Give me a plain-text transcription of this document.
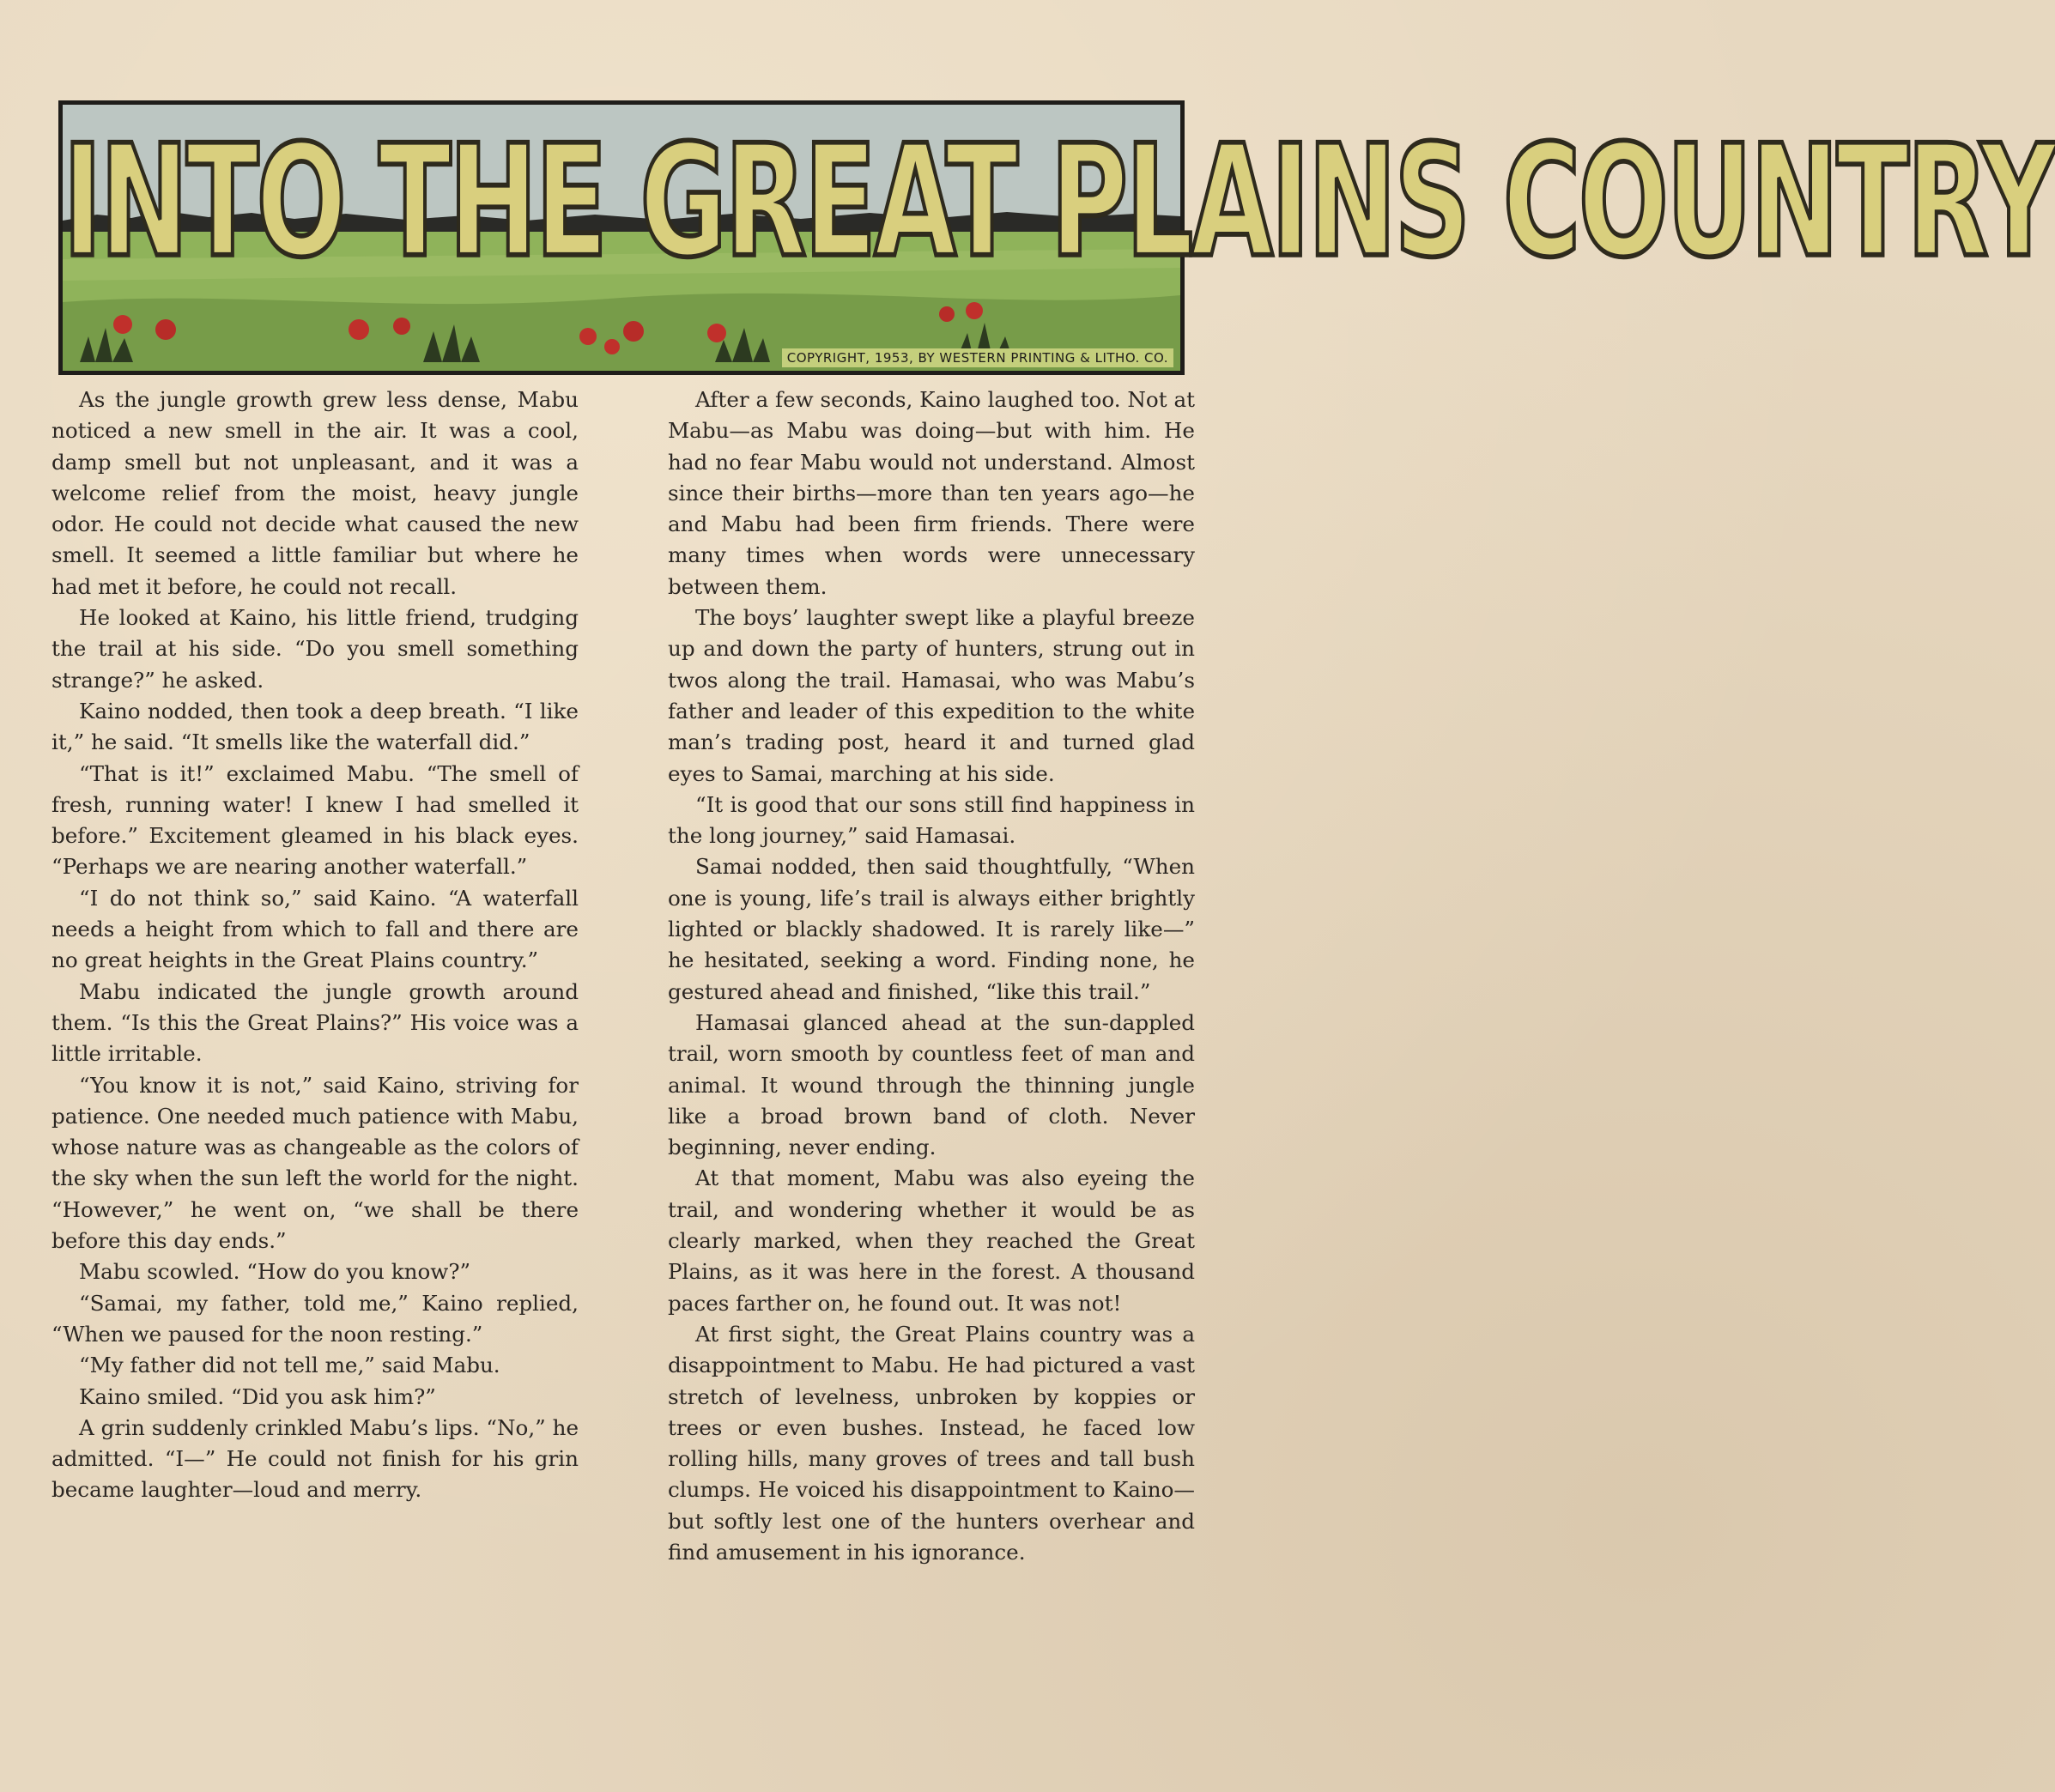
INTO THE GREAT PLAINS COUNTRY
COPYRIGHT, 1953, BY WESTERN PRINTING & LITHO. CO.

As the jungle growth grew less dense, Mabu noticed a new smell in the air. It was a cool, damp smell but not unpleasant, and it was a welcome relief from the moist, heavy jungle odor. He could not decide what caused the new smell. It seemed a little familiar but where he had met it before, he could not recall.

He looked at Kaino, his little friend, trudging the trail at his side. “Do you smell something strange?” he asked.

Kaino nodded, then took a deep breath. “I like it,” he said. “It smells like the waterfall did.”

“That is it!” exclaimed Mabu. “The smell of fresh, running water! I knew I had smelled it before.” Excitement gleamed in his black eyes. “Perhaps we are nearing another waterfall.”

“I do not think so,” said Kaino. “A waterfall needs a height from which to fall and there are no great heights in the Great Plains country.”

Mabu indicated the jungle growth around them. “Is this the Great Plains?” His voice was a little irritable.

“You know it is not,” said Kaino, striving for patience. One needed much patience with Mabu, whose nature was as changeable as the colors of the sky when the sun left the world for the night. “However,” he went on, “we shall be there before this day ends.”

Mabu scowled. “How do you know?”

“Samai, my father, told me,” Kaino replied, “When we paused for the noon resting.”

“My father did not tell me,” said Mabu.

Kaino smiled. “Did you ask him?”

A grin suddenly crinkled Mabu’s lips. “No,” he admitted. “I—” He could not finish for his grin became laughter—loud and merry.

After a few seconds, Kaino laughed too. Not at Mabu—as Mabu was doing—but with him. He had no fear Mabu would not understand. Almost since their births—more than ten years ago—he and Mabu had been firm friends. There were many times when words were unnecessary between them.

The boys’ laughter swept like a playful breeze up and down the party of hunters, strung out in twos along the trail. Hamasai, who was Mabu’s father and leader of this expedition to the white man’s trading post, heard it and turned glad eyes to Samai, marching at his side.

“It is good that our sons still find happiness in the long journey,” said Hamasai.

Samai nodded, then said thoughtfully, “When one is young, life’s trail is always either brightly lighted or blackly shadowed. It is rarely like—” he hesitated, seeking a word. Finding none, he gestured ahead and finished, “like this trail.”

Hamasai glanced ahead at the sun-dappled trail, worn smooth by countless feet of man and animal. It wound through the thinning jungle like a broad brown band of cloth. Never beginning, never ending.

At that moment, Mabu was also eyeing the trail, and wondering whether it would be as clearly marked, when they reached the Great Plains, as it was here in the forest. A thousand paces farther on, he found out. It was not!

At first sight, the Great Plains country was a disappointment to Mabu. He had pictured a vast stretch of levelness, unbroken by koppies or trees or even bushes. Instead, he faced low rolling hills, many groves of trees and tall bush clumps. He voiced his disappointment to Kaino—but softly lest one of the hunters overhear and find amusement in his ignorance.
